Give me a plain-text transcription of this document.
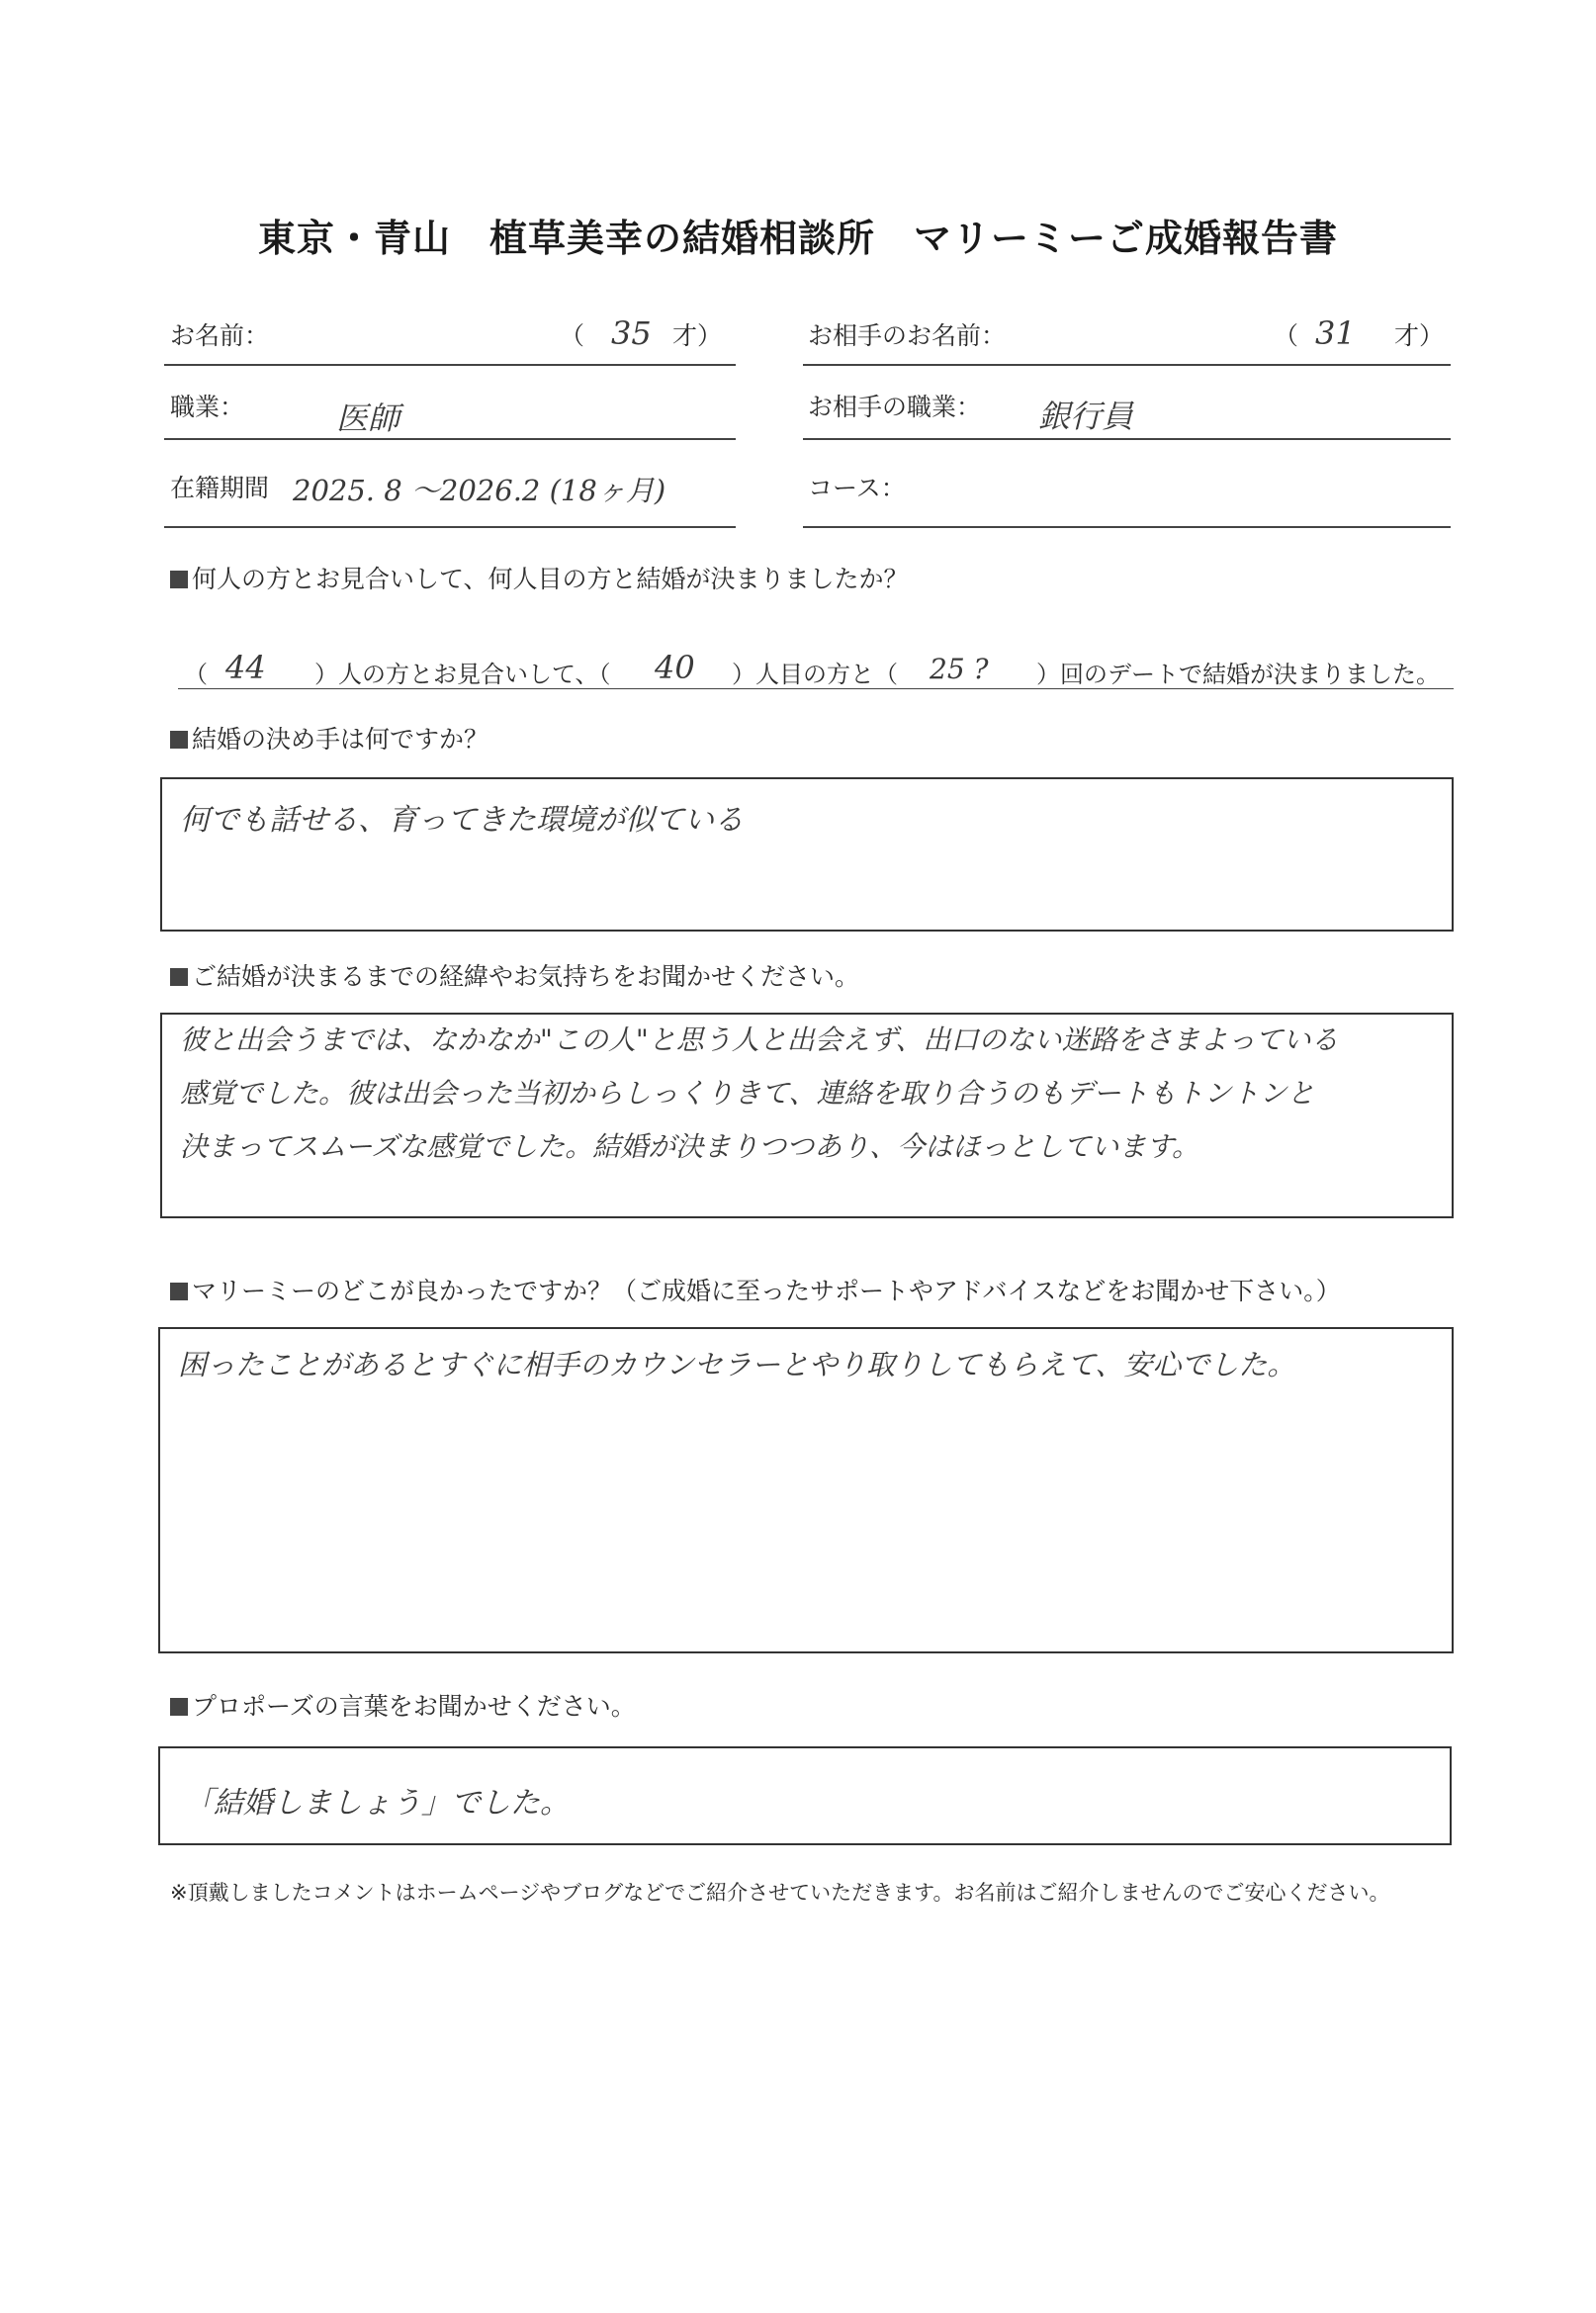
東京・青山　植草美幸の結婚相談所　マリーミーご成婚報告書
お名前：	（ 35 才）	お相手のお名前：	（ 31 才）
職業：	医師	お相手の職業： 銀行員
在籍期間 2025. 8 〜2026.2 (18ヶ月)	コース：
何人の方とお見合いして、何人目の方と結婚が決まりましたか？
（ 44 ）人の方とお見合いして、（ 40 ）人目の方と（ 25 ? ）回のデートで結婚が決まりました。
結婚の決め手は何ですか？
何でも話せる、育ってきた環境が似ている
ご結婚が決まるまでの経緯やお気持ちをお聞かせください。
彼と出会うまでは、なかなか"この人"と思う人と出会えず、出口のない迷路をさまよっている
感覚でした。彼は出会った当初からしっくりきて、連絡を取り合うのもデートもトントンと
決まってスムーズな感覚でした。結婚が決まりつつあり、今はほっとしています。
マリーミーのどこが良かったですか？（ご成婚に至ったサポートやアドバイスなどをお聞かせ下さい。）
困ったことがあるとすぐに相手のカウンセラーとやり取りしてもらえて、安心でした。
プロポーズの言葉をお聞かせください。
「結婚しましょう」でした。
※頂戴しましたコメントはホームページやブログなどでご紹介させていただきます。お名前はご紹介しませんのでご安心ください。
